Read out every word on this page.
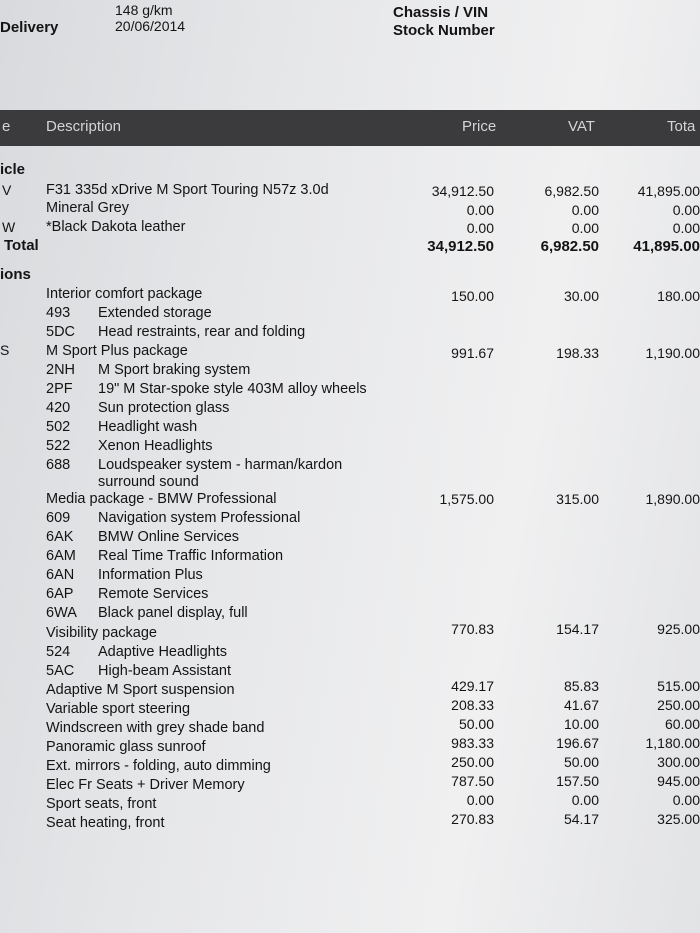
Delivery
148 g/km
20/06/2014
Chassis / VIN
Stock Number
e Description	Price	VAT	Tota
icle
V F31 335d xDrive M Sport Touring N57z 3.0d	34,912.50	6,982.50	41,895.00
Mineral Grey	0.00	0.00	0.00
W *Black Dakota leather	0.00	0.00	0.00
Total	34,912.50	6,982.50 41,895.00
ions
S
Interior comfort package	150.00	30.00	180.00
493 Extended storage
5DC Head restraints, rear and folding
M Sport Plus package	991.67	198.33	1,190.00
2NH M Sport braking system
2PF 19" M Star-spoke style 403M alloy wheels
420 Sun protection glass
502 Headlight wash
522 Xenon Headlights
688 Loudspeaker system - harman/kardon
surround sound
Media package - BMW Professional	1,575.00	315.00	1,890.00
609 Navigation system Professional
6AK BMW Online Services
6AM Real Time Traffic Information
6AN Information Plus
6AP Remote Services
6WA Black panel display, full
Visibility package	770.83	154.17	925.00
524 Adaptive Headlights
5AC High-beam Assistant
Adaptive M Sport suspension	429.17	85.83	515.00
Variable sport steering	208.33	41.67	250.00
Windscreen with grey shade band	50.00	10.00	60.00
Panoramic glass sunroof	983.33	196.67	1,180.00
Ext. mirrors - folding, auto dimming	250.00	50.00	300.00
Elec Fr Seats + Driver Memory	787.50	157.50	945.00
Sport seats, front	0.00	0.00	0.00
Seat heating, front	270.83	54.17	325.00
